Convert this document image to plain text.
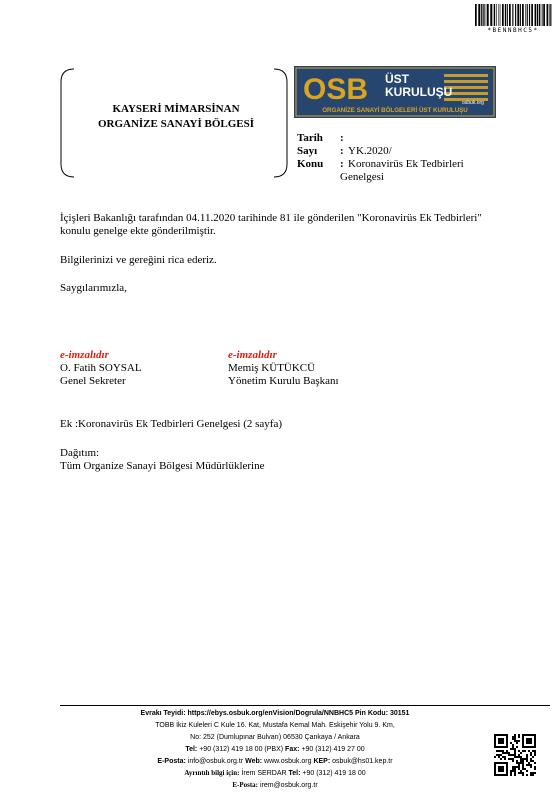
*BENNBHC5*
KAYSERİ MİMARSİNAN
ORGANİZE SANAYİ BÖLGESİ
OSB ÜST
KURULUŞU
osbuk.org
ORGANİZE SANAYİ BÖLGELERİ ÜST KURULUŞU
Tarih	:
Sayı	: YK.2020/
Konu	: Koronavirüs Ek Tedbirleri
Genelgesi
İçişleri Bakanlığı tarafından 04.11.2020 tarihinde 81 ile gönderilen "Koronavirüs Ek Tedbirleri"
konulu genelge ekte gönderilmiştir.
Bilgilerinizi ve gereğini rica ederiz.
Saygılarımızla,
e-imzalıdır
O. Fatih SOYSAL
Genel Sekreter
e-imzalıdır
Memiş KÜTÜKCÜ
Yönetim Kurulu Başkanı
Ek :Koronavirüs Ek Tedbirleri Genelgesi (2 sayfa)
Dağıtım:
Tüm Organize Sanayi Bölgesi Müdürlüklerine
Evrakı Teyidi: https://ebys.osbuk.org/enVision/Dogrula/NNBHC5 Pin Kodu: 30151
TOBB İkiz Kuleleri C Kule 16. Kat, Mustafa Kemal Mah. Eskişehir Yolu 9. Km,
No: 252 (Dumlupınar Bulvarı) 06530 Çankaya / Ankara
Tel: +90 (312) 419 18 00 (PBX) Fax: +90 (312) 419 27 00
E-Posta: info@osbuk.org.tr Web: www.osbuk.org KEP: osbuk@hs01.kep.tr
Ayrıntılı bilgi için: İrem SERDAR Tel: +90 (312) 419 18 00
E-Posta: irem@osbuk.org.tr
